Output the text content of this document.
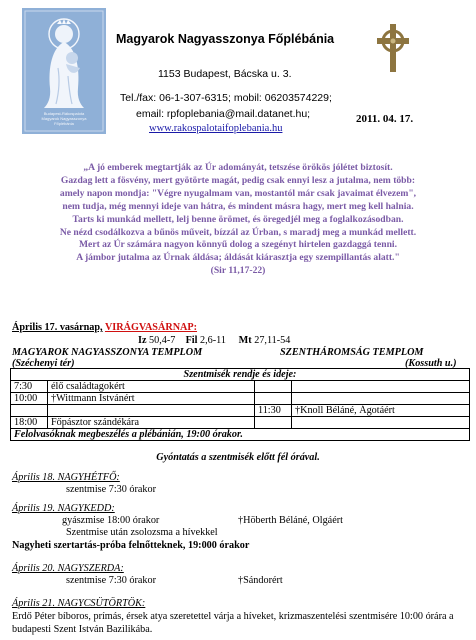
Budapest-Rákospalota
Magyarok Nagyasszonya
Főplébánia
Magyarok Nagyasszonya Főplébánia
1153 Budapest, Bácska u. 3.
Tel./fax: 06-1-307-6315; mobil: 06203574229;
email: rpfoplebania@mail.datanet.hu;
www.rakospalotaifoplebania.hu
2011. 04. 17.
„A jó emberek megtartják az Úr adományát, tetszése örökös jólétet biztosít.
Gazdag lett a fösvény, mert gyötörte magát, pedig csak ennyi lesz a jutalma, nem több:
amely napon mondja: "Végre nyugalmam van, mostantól már csak javaimat élvezem",
nem tudja, még mennyi ideje van hátra, és mindent másra hagy, mert meg kell halnia.
Tarts ki munkád mellett, lelj benne örömet, és öregedjél meg a foglalkozásodban.
Ne nézd csodálkozva a bűnös műveit, bízzál az Úrban, s maradj meg a munkád mellett.
Mert az Úr számára nagyon könnyű dolog a szegényt hirtelen gazdaggá tenni.
A jámbor jutalma az Úrnak áldása; áldását kiárasztja egy szempillantás alatt."
(Sir 11,17-22)
Április 17. vasárnap, VIRÁGVASÁRNAP:
Iz 50,4-7 Fil 2,6-11 Mt 27,11-54
MAGYAROK NAGYASSZONYA TEMPLOM	SZENTHÁROMSÁG TEMPLOM
(Széchenyi tér)	(Kossuth u.)
Szentmisék rendje és ideje:			
7:30	élő családtagokért		
10:00	†Wittmann Istvánért		
		11:30	†Knoll Béláné, Ágotáért
18:00	Főpásztor szándékára		
Felolvasóknak megbeszélés a plébánián, 19:00 órakor.			
Gyóntatás a szentmisék előtt fél órával.
Április 18. NAGYHÉTFŐ:
szentmise 7:30 órakor
Április 19. NAGYKEDD:
gyászmise 18:00 órakor	†Höberth Béláné, Olgáért
Szentmise után zsolozsma a hívekkel
Nagyheti szertartás-próba felnőtteknek, 19:000 órakor
Április 20. NAGYSZERDA:
szentmise 7:30 órakor	†Sándorért
Április 21. NAGYCSÜTÖRTÖK:
Erdő Péter bíboros, prímás, érsek atya szeretettel várja a híveket, krizmaszentelési szentmisére 10:00 órára a budapesti Szent István Bazilikába.
